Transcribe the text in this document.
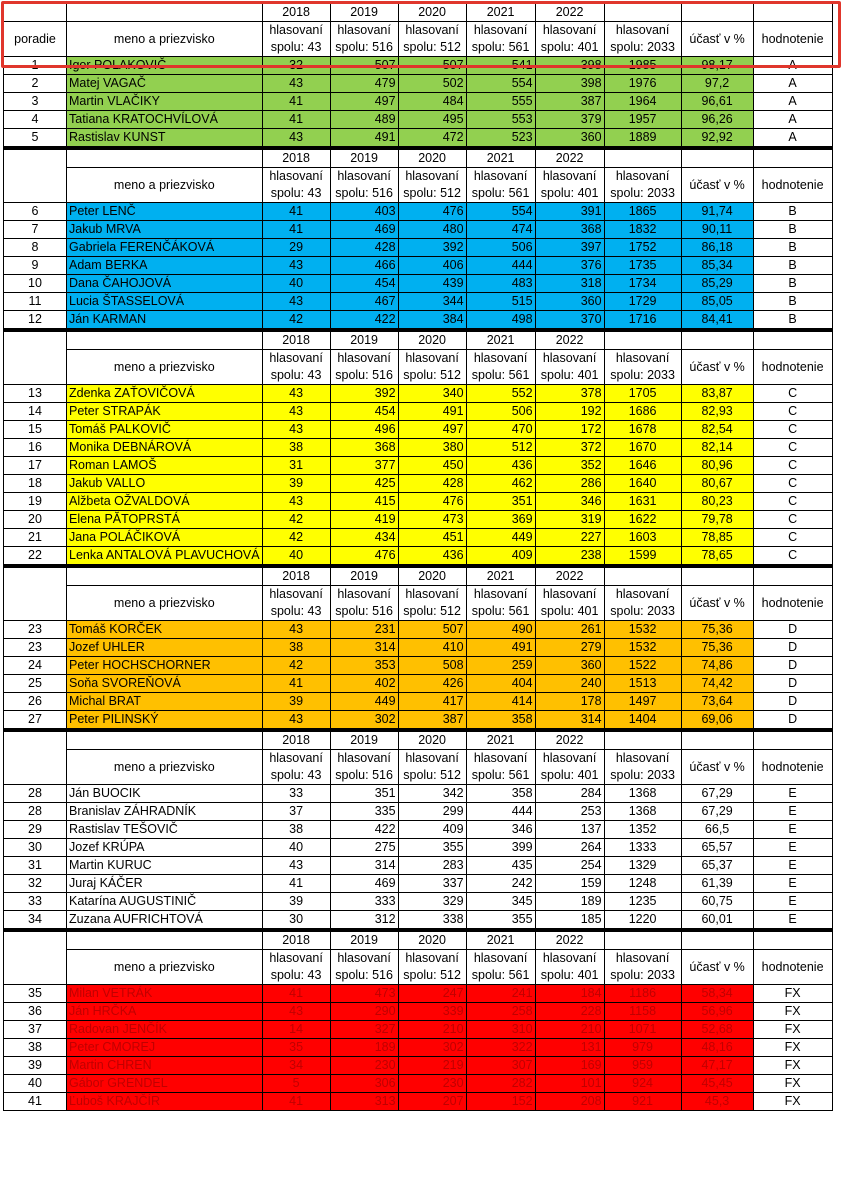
		2018	2019	2020	2021	2022			
poradie	meno a priezvisko	hlasovaní	hlasovaní	hlasovaní	hlasovaní	hlasovaní	hlasovaní	účasť v %	hodnotenie
		spolu: 43	spolu: 516	spolu: 512	spolu: 561	spolu: 401	spolu: 2033		
1	Igor POLAKOVIČ	32	507	507	541	398	1985	98,17	A
2	Matej VAGAČ	43	479	502	554	398	1976	97,2	A
3	Martin VLAČIKY	41	497	484	555	387	1964	96,61	A
4	Tatiana KRATOCHVÍLOVÁ	41	489	495	553	379	1957	96,26	A
5	Rastislav KUNST	43	491	472	523	360	1889	92,92	A
		2018	2019	2020	2021	2022			
	meno a priezvisko	hlasovaní	hlasovaní	hlasovaní	hlasovaní	hlasovaní	hlasovaní	účasť v %	hodnotenie
		spolu: 43	spolu: 516	spolu: 512	spolu: 561	spolu: 401	spolu: 2033		
6	Peter LENČ	41	403	476	554	391	1865	91,74	B
7	Jakub MRVA	41	469	480	474	368	1832	90,11	B
8	Gabriela FERENČÁKOVÁ	29	428	392	506	397	1752	86,18	B
9	Adam BERKA	43	466	406	444	376	1735	85,34	B
10	Dana ČAHOJOVÁ	40	454	439	483	318	1734	85,29	B
11	Lucia ŠTASSELOVÁ	43	467	344	515	360	1729	85,05	B
12	Ján KARMAN	42	422	384	498	370	1716	84,41	B
		2018	2019	2020	2021	2022			
	meno a priezvisko	hlasovaní	hlasovaní	hlasovaní	hlasovaní	hlasovaní	hlasovaní	účasť v %	hodnotenie
		spolu: 43	spolu: 516	spolu: 512	spolu: 561	spolu: 401	spolu: 2033		
13	Zdenka ZAŤOVIČOVÁ	43	392	340	552	378	1705	83,87	C
14	Peter STRAPÁK	43	454	491	506	192	1686	82,93	C
15	Tomáš PALKOVIČ	43	496	497	470	172	1678	82,54	C
16	Monika DEBNÁROVÁ	38	368	380	512	372	1670	82,14	C
17	Roman LAMOŠ	31	377	450	436	352	1646	80,96	C
18	Jakub VALLO	39	425	428	462	286	1640	80,67	C
19	Alžbeta OŽVALDOVÁ	43	415	476	351	346	1631	80,23	C
20	Elena PĂTOPRSTÁ	42	419	473	369	319	1622	79,78	C
21	Jana POLÁČIKOVÁ	42	434	451	449	227	1603	78,85	C
22	Lenka ANTALOVÁ PLAVUCHOVÁ	40	476	436	409	238	1599	78,65	C
		2018	2019	2020	2021	2022			
	meno a priezvisko	hlasovaní	hlasovaní	hlasovaní	hlasovaní	hlasovaní	hlasovaní	účasť v %	hodnotenie
		spolu: 43	spolu: 516	spolu: 512	spolu: 561	spolu: 401	spolu: 2033		
23	Tomáš KORČEK	43	231	507	490	261	1532	75,36	D
23	Jozef UHLER	38	314	410	491	279	1532	75,36	D
24	Peter HOCHSCHORNER	42	353	508	259	360	1522	74,86	D
25	Soňa SVOREŇOVÁ	41	402	426	404	240	1513	74,42	D
26	Michal BRAT	39	449	417	414	178	1497	73,64	D
27	Peter PILINSKÝ	43	302	387	358	314	1404	69,06	D
		2018	2019	2020	2021	2022			
	meno a priezvisko	hlasovaní	hlasovaní	hlasovaní	hlasovaní	hlasovaní	hlasovaní	účasť v %	hodnotenie
		spolu: 43	spolu: 516	spolu: 512	spolu: 561	spolu: 401	spolu: 2033		
28	Ján BUOCIK	33	351	342	358	284	1368	67,29	E
28	Branislav ZÁHRADNÍK	37	335	299	444	253	1368	67,29	E
29	Rastislav TEŠOVIČ	38	422	409	346	137	1352	66,5	E
30	Jozef KRÚPA	40	275	355	399	264	1333	65,57	E
31	Martin KURUC	43	314	283	435	254	1329	65,37	E
32	Juraj KÁČER	41	469	337	242	159	1248	61,39	E
33	Katarína AUGUSTINIČ	39	333	329	345	189	1235	60,75	E
34	Zuzana AUFRICHTOVÁ	30	312	338	355	185	1220	60,01	E
		2018	2019	2020	2021	2022			
	meno a priezvisko	hlasovaní	hlasovaní	hlasovaní	hlasovaní	hlasovaní	hlasovaní	účasť v %	hodnotenie
		spolu: 43	spolu: 516	spolu: 512	spolu: 561	spolu: 401	spolu: 2033		
35	Milan VETRÁK	41	473	247	241	184	1186	58,34	FX
36	Ján HRČKA	43	290	339	258	228	1158	56,96	FX
37	Radovan JENČÍK	14	327	210	310	210	1071	52,68	FX
38	Peter CMOREJ	35	189	302	322	131	979	48,16	FX
39	Martin CHREN	34	230	219	307	169	959	47,17	FX
40	Gábor GRENDEL	5	306	230	282	101	924	45,45	FX
41	Ľuboš KRAJČÍR	41	313	207	152	208	921	45,3	FX
